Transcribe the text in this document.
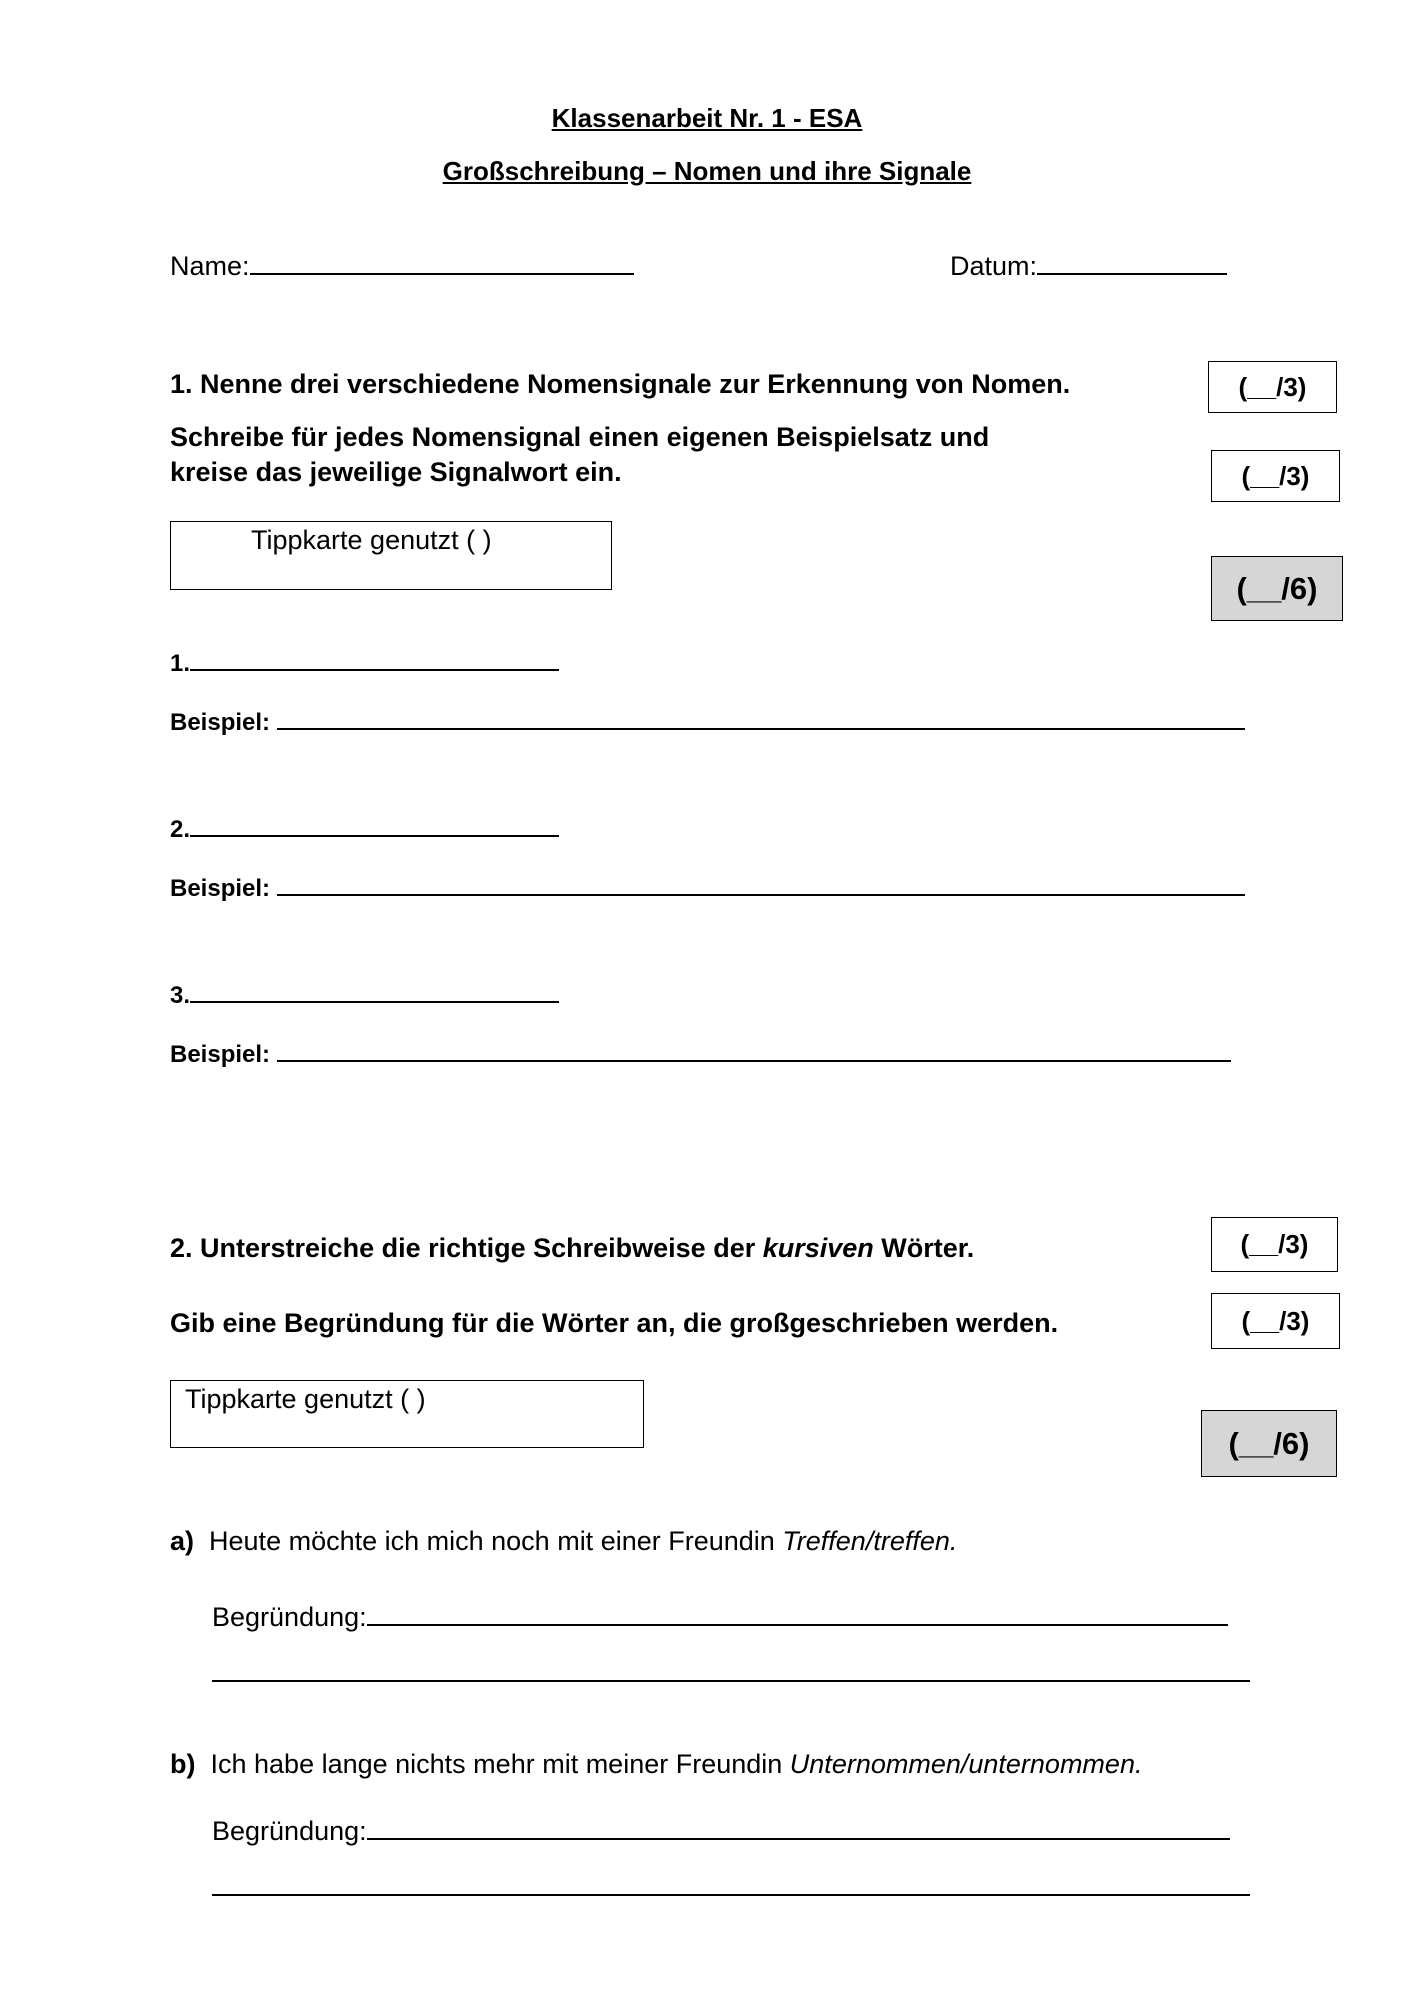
Klassenarbeit Nr. 1 - ESA
Großschreibung – Nomen und ihre Signale
Name:	Datum:
1. Nenne drei verschiedene Nomensignale zur Erkennung von Nomen.
Schreibe für jedes Nomensignal einen eigenen Beispielsatz und
kreise das jeweilige Signalwort ein.
(__/3)
(__/3)
(__/6)
Tippkarte genutzt ( )
1.
Beispiel:
2.
Beispiel:
3.
Beispiel:
2. Unterstreiche die richtige Schreibweise der kursiven Wörter.
Gib eine Begründung für die Wörter an, die großgeschrieben werden.
(__/3)
(__/3)
(__/6)
Tippkarte genutzt ( )
a) Heute möchte ich mich noch mit einer Freundin Treffen/treffen.
Begründung:
b) Ich habe lange nichts mehr mit meiner Freundin Unternommen/unternommen.
Begründung:
